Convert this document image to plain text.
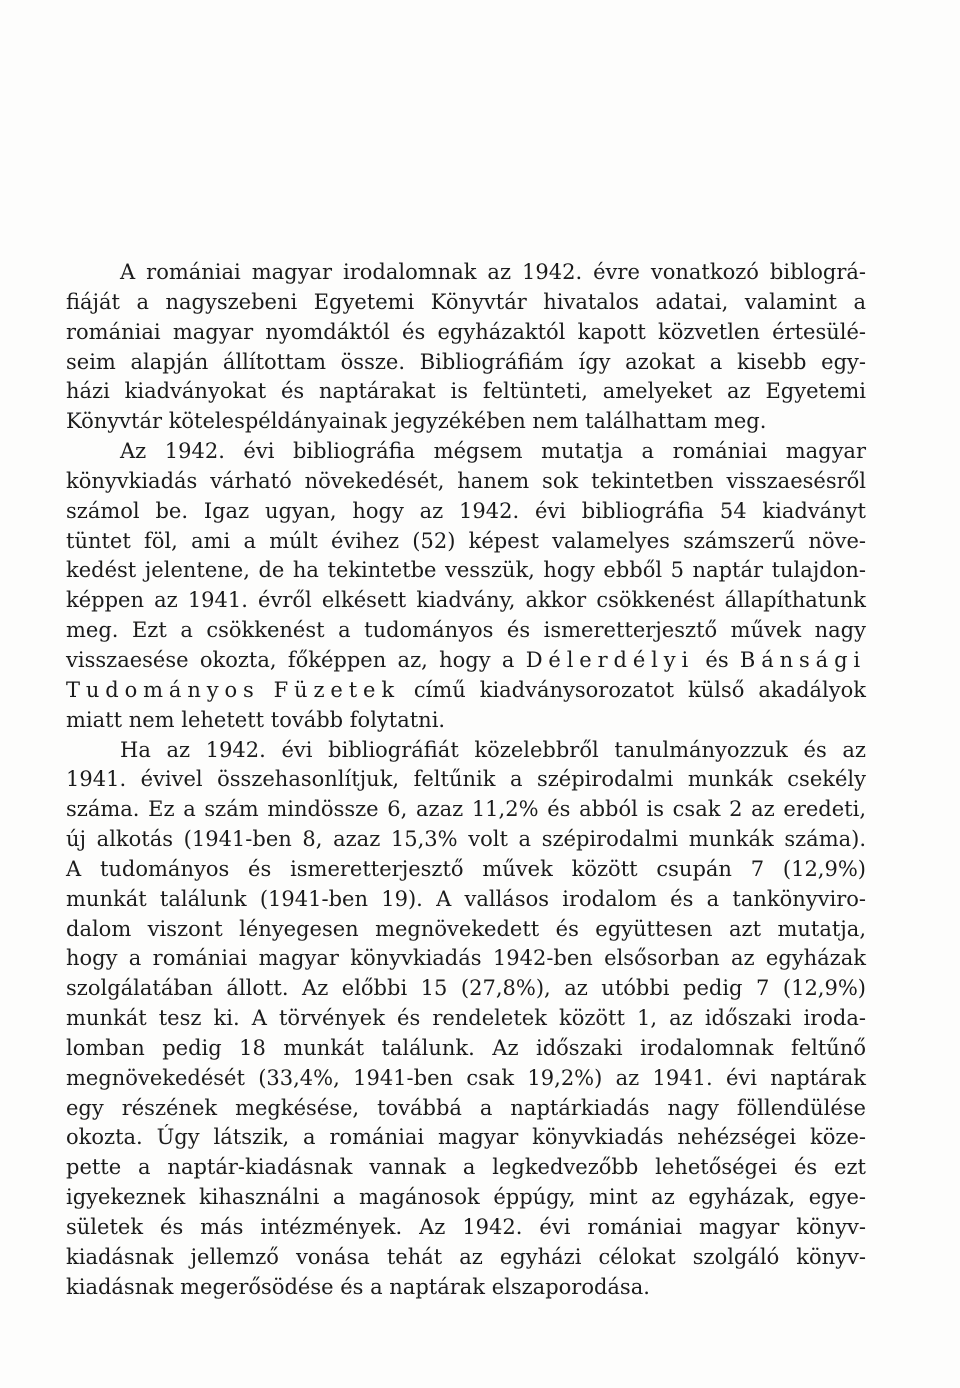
A romániai magyar irodalomnak az 1942. évre vonatkozó biblográ-
fiáját a nagyszebeni Egyetemi Könyvtár hivatalos adatai, valamint a
romániai magyar nyomdáktól és egyházaktól kapott közvetlen értesülé-
seim alapján állítottam össze. Bibliográfiám így azokat a kisebb egy-
házi kiadványokat és naptárakat is feltünteti, amelyeket az Egyetemi
Könyvtár kötelespéldányainak jegyzékében nem találhattam meg.
Az 1942. évi bibliográfia mégsem mutatja a romániai magyar
könyvkiadás várható növekedését, hanem sok tekintetben visszaesésről
számol be. Igaz ugyan, hogy az 1942. évi bibliográfia 54 kiadványt
tüntet föl, ami a múlt évihez (52) képest valamelyes számszerű növe-
kedést jelentene, de ha tekintetbe vesszük, hogy ebből 5 naptár tulajdon-
képpen az 1941. évről elkésett kiadvány, akkor csökkenést állapíthatunk
meg. Ezt a csökkenést a tudományos és ismeretterjesztő művek nagy
visszaesése okozta, főképpen az, hogy a Délerdélyi és Bánsági
Tudományos Füzetek című kiadványsorozatot külső akadályok
miatt nem lehetett tovább folytatni.
Ha az 1942. évi bibliográfiát közelebbről tanulmányozzuk és az
1941. évivel összehasonlítjuk, feltűnik a szépirodalmi munkák csekély
száma. Ez a szám mindössze 6, azaz 11,2% és abból is csak 2 az eredeti,
új alkotás (1941-ben 8, azaz 15,3% volt a szépirodalmi munkák száma).
A tudományos és ismeretterjesztő művek között csupán 7 (12,9%)
munkát találunk (1941-ben 19). A vallásos irodalom és a tankönyviro-
dalom viszont lényegesen megnövekedett és együttesen azt mutatja,
hogy a romániai magyar könyvkiadás 1942-ben elsősorban az egyházak
szolgálatában állott. Az előbbi 15 (27,8%), az utóbbi pedig 7 (12,9%)
munkát tesz ki. A törvények és rendeletek között 1, az időszaki iroda-
lomban pedig 18 munkát találunk. Az időszaki irodalomnak feltűnő
megnövekedését (33,4%, 1941-ben csak 19,2%) az 1941. évi naptárak
egy részének megkésése, továbbá a naptárkiadás nagy föllendülése
okozta. Úgy látszik, a romániai magyar könyvkiadás nehézségei köze-
pette a naptár-kiadásnak vannak a legkedvezőbb lehetőségei és ezt
igyekeznek kihasználni a magánosok éppúgy, mint az egyházak, egye-
sületek és más intézmények. Az 1942. évi romániai magyar könyv-
kiadásnak jellemző vonása tehát az egyházi célokat szolgáló könyv-
kiadásnak megerősödése és a naptárak elszaporodása.
